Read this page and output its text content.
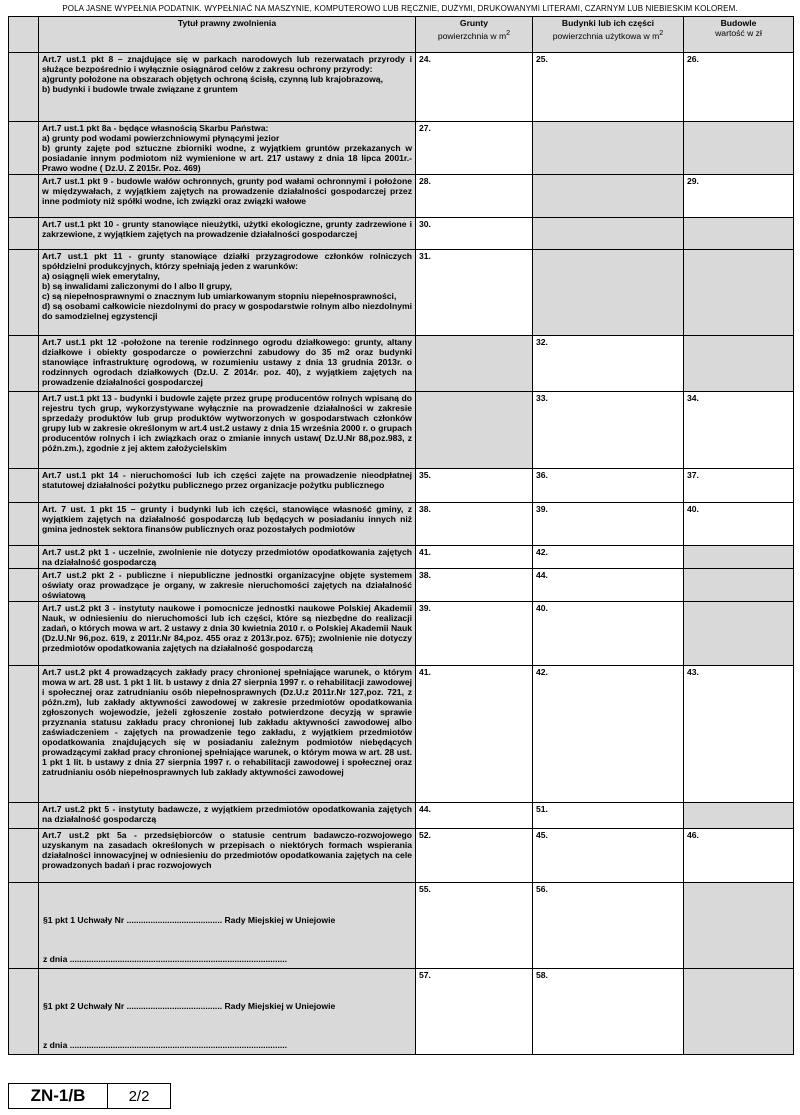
POLA JASNE WYPEŁNIA PODATNIK. WYPEŁNIAĆ NA MASZYNIE, KOMPUTEROWO LUB RĘCZNIE, DUŻYMI, DRUKOWANYMI LITERAMI, CZARNYM LUB NIEBIESKIM KOLOREM.
	Tytuł prawny zwolnienia	Grunty
powierzchnia w $m^2$	Budynki lub ich części
powierzchnia użytkowa w $m^2$	Budowle
wartość w zł
	Art.7 ust.1 pkt 8 – znajdujące się w parkach narodowych lub rezerwatach przyrody i służące bezpośrednio i wyłącznie osiągnárod celów z zakresu ochrony przyrody:
a)grunty położone na obszarach objętych ochroną ścisłą, czynną lub krajobrazową,
b) budynki i budowle trwale związane z gruntem	24.	25.	26.
	Art.7 ust.1 pkt 8a - będące własnością Skarbu Państwa:
a) grunty pod wodami powierzchniowymi płynącymi jezior
b) grunty zajęte pod sztuczne zbiorniki wodne, z wyjątkiem gruntów przekazanych w posiadanie innym podmiotom niż wymienione w art. 217 ustawy z dnia 18 lipca 2001r.-Prawo wodne ( Dz.U. Z 2015r. Poz. 469)	27.		
	Art.7 ust.1 pkt 9 - budowle wałów ochronnych, grunty pod wałami ochronnymi i położone w międzywałach, z wyjątkiem zajętych na prowadzenie działalności gospodarczej przez inne podmioty niż spółki wodne, ich związki oraz związki wałowe	28.		29.
	Art.7 ust.1 pkt 10 - grunty stanowiące nieużytki, użytki ekologiczne, grunty zadrzewione i zakrzewione, z wyjątkiem zajętych na prowadzenie działalności gospodarczej	30.		
	Art.7 ust.1 pkt 11 - grunty stanowiące działki przyzagrodowe członków rolniczych spółdzielni produkcyjnych, którzy spełniają jeden z warunków:
a) osiągnęli wiek emerytalny,
b) są inwalidami zaliczonymi do I albo II grupy,
c) są niepełnosprawnymi o znacznym lub umiarkowanym stopniu niepełnosprawności,
d) są osobami całkowicie niezdolnymi do pracy w gospodarstwie rolnym albo niezdolnymi do samodzielnej egzystencji	31.		
	Art.7 ust.1 pkt 12 -położone na terenie rodzinnego ogrodu działkowego: grunty, altany działkowe i obiekty gospodarcze o powierzchni zabudowy do 35 m2 oraz budynki stanowiące infrastrukturę ogrodową, w rozumieniu ustawy z dnia 13 grudnia 2013r. o rodzinnych ogrodach działkowych (Dz.U. Z 2014r. poz. 40), z wyjątkiem zajętych na prowadzenie działalności gospodarczej		32.	
	Art.7 ust.1 pkt 13 - budynki i budowle zajęte przez grupę producentów rolnych wpisaną do rejestru tych grup, wykorzystywane wyłącznie na prowadzenie działalności w zakresie sprzedaży produktów lub grup produktów wytworzonych w gospodarstwach członków grupy lub w zakresie określonym w art.4 ust.2 ustawy z dnia 15 września 2000 r. o grupach producentów rolnych i ich związkach oraz o zmianie innych ustaw( Dz.U.Nr 88,poz.983, z późn.zm.), zgodnie z jej aktem założycielskim		33.	34.
	Art.7 ust.1 pkt 14 - nieruchomości lub ich części zajęte na prowadzenie nieodpłatnej statutowej działalności pożytku publicznego przez organizacje pożytku publicznego	35.	36.	37.
	Art. 7 ust. 1 pkt 15 – grunty i budynki lub ich części, stanowiące własność gminy, z wyjątkiem zajętych na działalność gospodarczą lub będących w posiadaniu innych niż gmina jednostek sektora finansów publicznych oraz pozostałych podmiotów	38.	39.	40.
	Art.7 ust.2 pkt 1 - uczelnie, zwolnienie nie dotyczy przedmiotów opodatkowania zajętych na działalność gospodarczą	41.	42.	
	Art.7 ust.2 pkt 2 - publiczne i niepubliczne jednostki organizacyjne objęte systemem oświaty oraz prowadzące je organy, w zakresie nieruchomości zajętych na działalność oświatową	38.	44.	
	Art.7 ust.2 pkt 3 - instytuty naukowe i pomocnicze jednostki naukowe Polskiej Akademii Nauk, w odniesieniu do nieruchomości lub ich części, które są niezbędne do realizacji zadań, o których mowa w art. 2 ustawy z dnia 30 kwietnia 2010 r. o Polskiej Akademii Nauk (Dz.U.Nr 96,poz. 619, z 2011r.Nr 84,poz. 455 oraz z 2013r.poz. 675); zwolnienie nie dotyczy przedmiotów opodatkowania zajętych na działalność gospodarczą	39.	40.	
	Art.7 ust.2 pkt 4 prowadzących zakłady pracy chronionej spełniające warunek, o którym mowa w art. 28 ust. 1 pkt 1 lit. b ustawy z dnia 27 sierpnia 1997 r. o rehabilitacji zawodowej i społecznej oraz zatrudnianiu osób niepełnosprawnych (Dz.U.z 2011r.Nr 127,poz. 721, z późn.zm), lub zakłady aktywności zawodowej w zakresie przedmiotów opodatkowania zgłoszonych wojewodzie, jeżeli zgłoszenie zostało potwierdzone decyzją w sprawie przyznania statusu zakładu pracy chronionej lub zakładu aktywności zawodowej albo zaświadczeniem - zajętych na prowadzenie tego zakładu, z wyjątkiem przedmiotów opodatkowania znajdujących się w posiadaniu zależnym podmiotów niebędących prowadzącymi zakład pracy chronionej spełniające warunek, o którym mowa w art. 28 ust. 1 pkt 1 lit. b ustawy z dnia 27 sierpnia 1997 r. o rehabilitacji zawodowej i społecznej oraz zatrudnianiu osób niepełnosprawnych lub zakłady aktywności zawodowej	41.	42.	43.
	Art.7 ust.2 pkt 5 - instytuty badawcze, z wyjątkiem przedmiotów opodatkowania zajętych na działalność gospodarczą	44.	51.	
	Art.7 ust.2 pkt 5a - przedsiębiorców o statusie centrum badawczo-rozwojowego uzyskanym na zasadach określonych w przepisach o niektórych formach wspierania działalności innowacyjnej w odniesieniu do przedmiotów opodatkowania zajętych na cele prowadzonych badań i prac rozwojowych	52.	45.	46.

	§1 pkt 1 Uchwały Nr ........................................ Rady Miejskiej w Uniejowie
z dnia ...........................................................................................	55.	56.	

	§1 pkt 2 Uchwały Nr ........................................ Rady Miejskiej w Uniejowie
z dnia ...........................................................................................	57.	58.	
ZN-1/B	2/2
